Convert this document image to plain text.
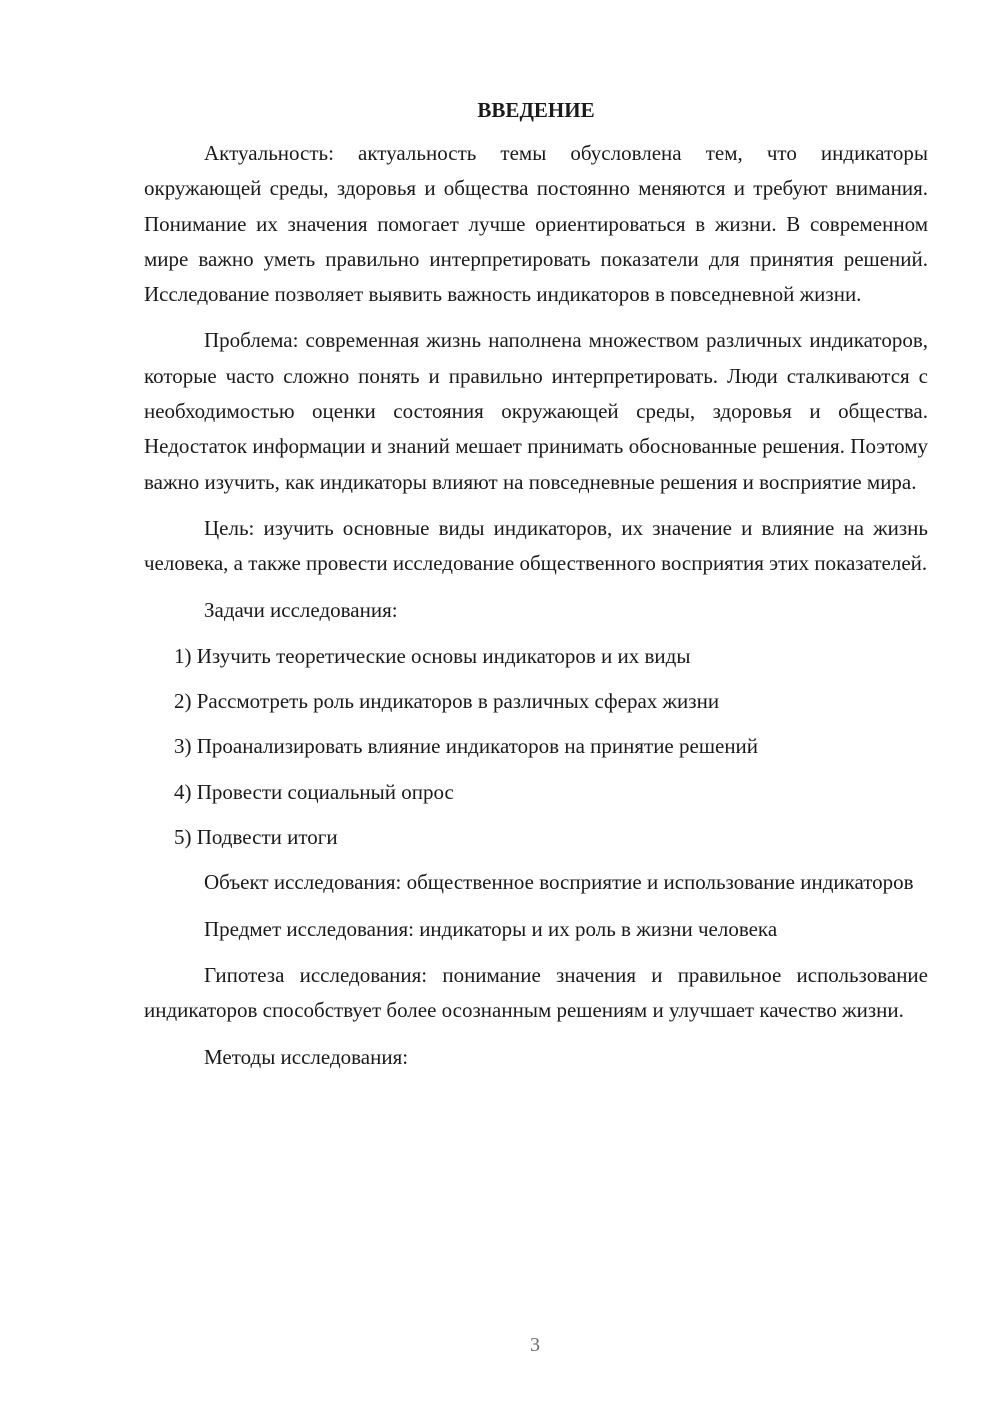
ВВЕДЕНИЕ

Актуальность: актуальность темы обусловлена тем, что индикаторы окружающей среды, здоровья и общества постоянно меняются и требуют внимания. Понимание их значения помогает лучше ориентироваться в жизни. В современном мире важно уметь правильно интерпретировать показатели для принятия решений. Исследование позволяет выявить важность индикаторов в повседневной жизни.

Проблема: современная жизнь наполнена множеством различных индикаторов, которые часто сложно понять и правильно интерпретировать. Люди сталкиваются с необходимостью оценки состояния окружающей среды, здоровья и общества. Недостаток информации и знаний мешает принимать обоснованные решения. Поэтому важно изучить, как индикаторы влияют на повседневные решения и восприятие мира.

Цель: изучить основные виды индикаторов, их значение и влияние на жизнь человека, а также провести исследование общественного восприятия этих показателей.

Задачи исследования:

1) Изучить теоретические основы индикаторов и их виды
2) Рассмотреть роль индикаторов в различных сферах жизни
3) Проанализировать влияние индикаторов на принятие решений
4) Провести социальный опрос
5) Подвести итоги

Объект исследования: общественное восприятие и использование индикаторов

Предмет исследования: индикаторы и их роль в жизни человека

Гипотеза исследования: понимание значения и правильное использование индикаторов способствует более осознанным решениям и улучшает качество жизни.

Методы исследования:

3
